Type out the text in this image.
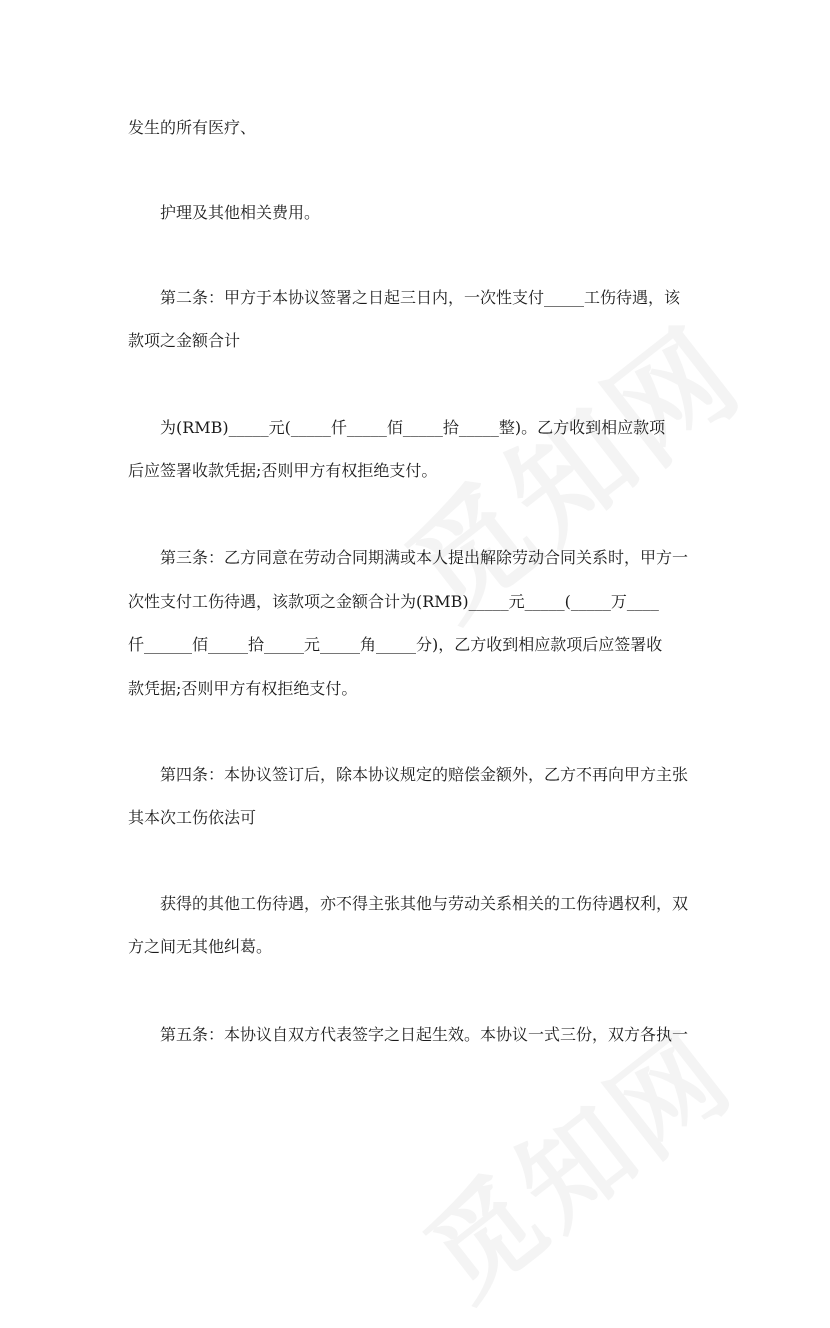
发生的所有医疗、
护理及其他相关费用。
第二条：甲方于本协议签署之日起三日内，一次性支付_____工伤待遇，该
款项之金额合计
为(RMB)_____元(_____仟_____佰_____拾_____整)。乙方收到相应款项
后应签署收款凭据;否则甲方有权拒绝支付。
第三条：乙方同意在劳动合同期满或本人提出解除劳动合同关系时，甲方一
次性支付工伤待遇，该款项之金额合计为(RMB)_____元_____(_____万____
仟______佰_____拾_____元_____角_____分)，乙方收到相应款项后应签署收
款凭据;否则甲方有权拒绝支付。
第四条：本协议签订后，除本协议规定的赔偿金额外，乙方不再向甲方主张
其本次工伤依法可
获得的其他工伤待遇，亦不得主张其他与劳动关系相关的工伤待遇权利，双
方之间无其他纠葛。
第五条：本协议自双方代表签字之日起生效。本协议一式三份，双方各执一
